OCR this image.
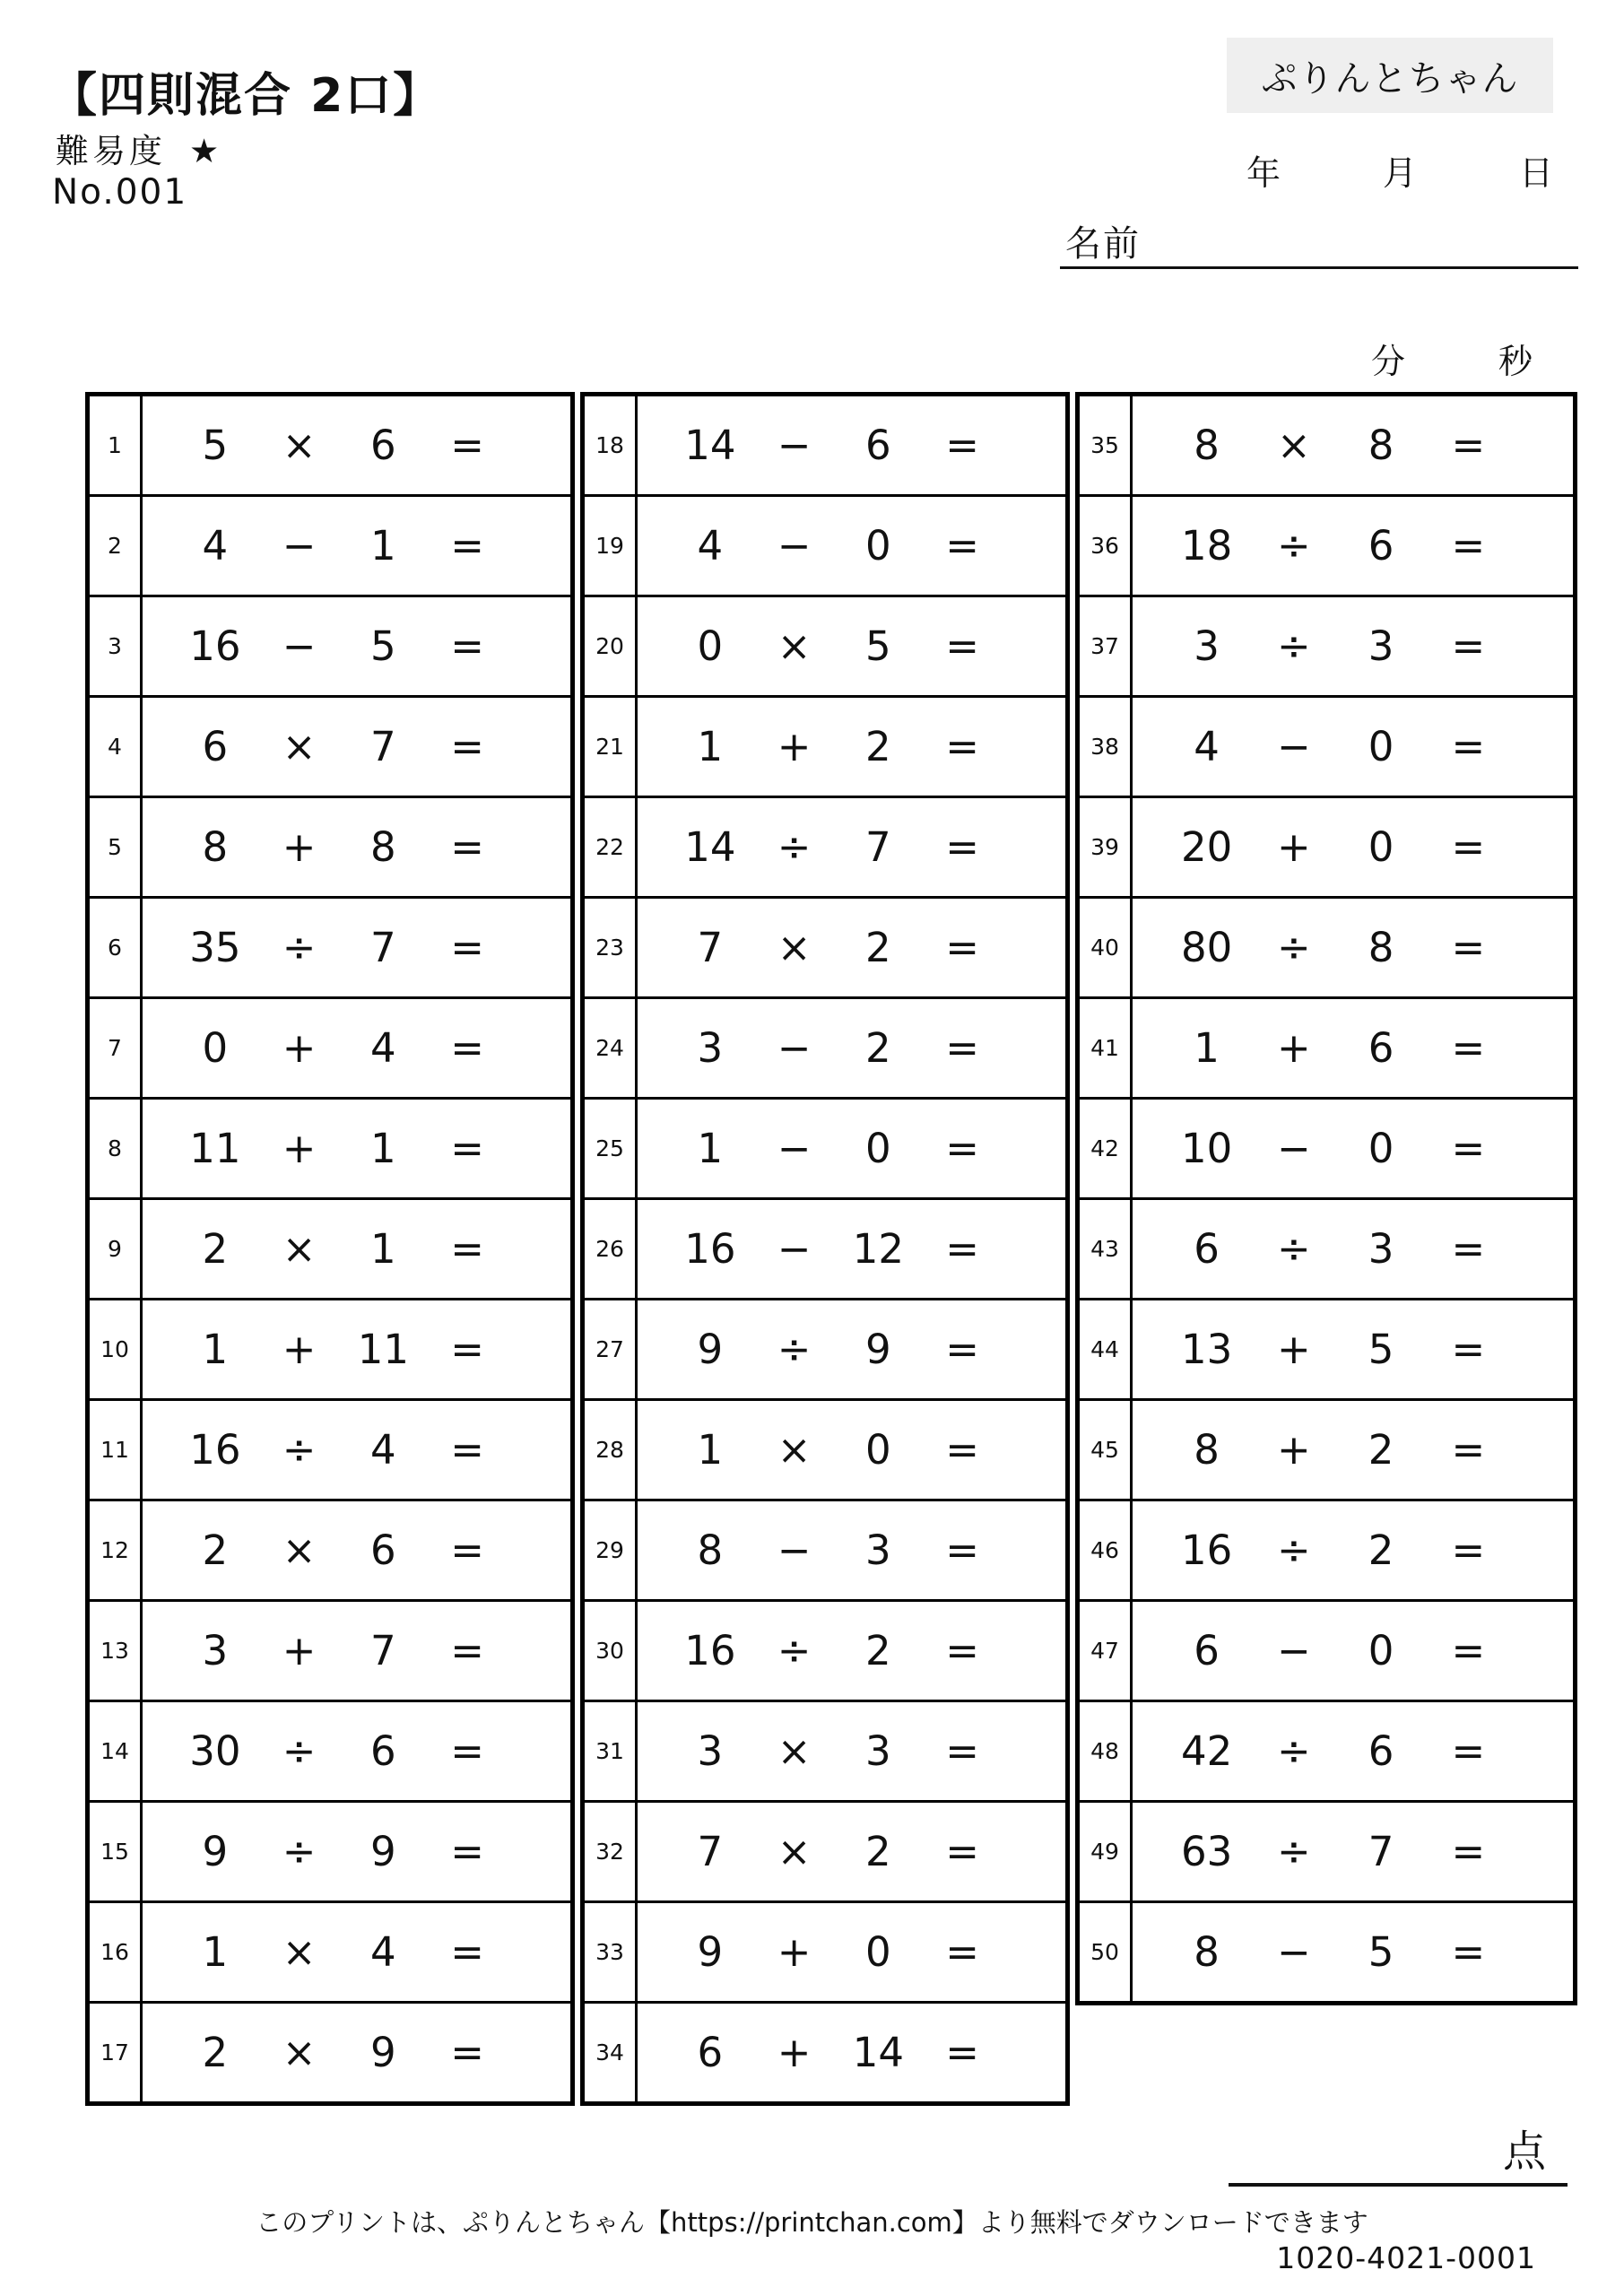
【四則混合 2口】
難易度 ★
No.001
ぷりんとちゃん
年	月	日
名前
分	秒
1	5	×	6	=
2	4	−	1	=
3	16	−	5	=
4	6	×	7	=
5	8	+	8	=
6	35	÷	7	=
7	0	+	4	=
8	11	+	1	=
9	2	×	1	=
10	1	+	11	=
11	16	÷	4	=
12	2	×	6	=
13	3	+	7	=
14	30	÷	6	=
15	9	÷	9	=
16	1	×	4	=
17	2	×	9	=
18	14	−	6	=
19	4	−	0	=
20	0	×	5	=
21	1	+	2	=
22	14	÷	7	=
23	7	×	2	=
24	3	−	2	=
25	1	−	0	=
26	16	−	12	=
27	9	÷	9	=
28	1	×	0	=
29	8	−	3	=
30	16	÷	2	=
31	3	×	3	=
32	7	×	2	=
33	9	+	0	=
34	6	+	14	=
35	8	×	8	=
36	18	÷	6	=
37	3	÷	3	=
38	4	−	0	=
39	20	+	0	=
40	80	÷	8	=
41	1	+	6	=
42	10	−	0	=
43	6	÷	3	=
44	13	+	5	=
45	8	+	2	=
46	16	÷	2	=
47	6	−	0	=
48	42	÷	6	=
49	63	÷	7	=
50	8	−	5	=
点
このプリントは、ぷりんとちゃん【https://printchan.com】より無料でダウンロードできます
1020-4021-0001
